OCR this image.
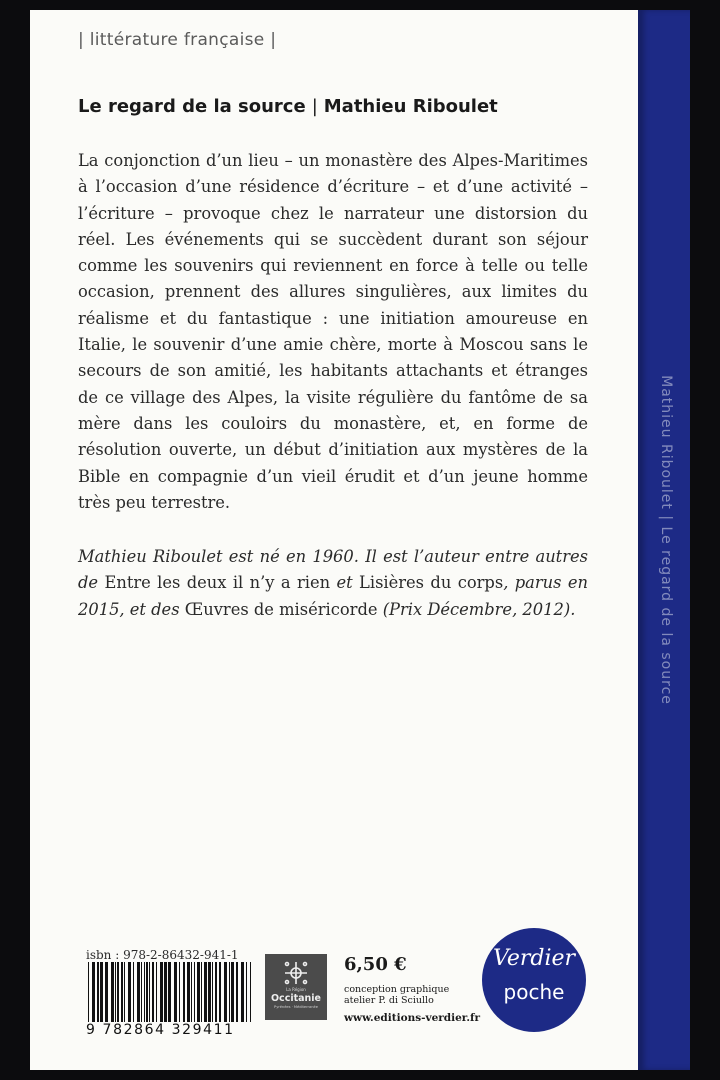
Mathieu Riboulet | Le regard de la source
| littérature française |
Le regard de la source | Mathieu Riboulet

La conjonction d’un lieu – un monastère des Alpes-Maritimes à l’occasion d’une résidence d’écriture – et d’une activité – l’écriture – provoque chez le narrateur une distorsion du réel. Les événements qui se succèdent durant son séjour comme les souvenirs qui reviennent en force à telle ou telle occasion, prennent des allures singulières, aux limites du réalisme et du fantastique : une initiation amoureuse en Italie, le souvenir d’une amie chère, morte à Moscou sans le secours de son amitié, les habitants attachants et étranges de ce village des Alpes, la visite régulière du fantôme de sa mère dans les couloirs du monastère, et, en forme de résolution ouverte, un début d’initiation aux mystères de la Bible en compagnie d’un vieil érudit et d’un jeune homme très peu terrestre.

Mathieu Riboulet est né en 1960. Il est l’auteur entre autres de Entre les deux il n’y a rien et Lisières du corps, parus en 2015, et des Œuvres de miséricorde (Prix Décembre, 2012).

isbn : 978-2-86432-941-1
9 782864 329411
La Région
Occitanie
Pyrénées · Méditerranée
6,50 €
conception graphique
atelier P. di Sciullo
www.editions-verdier.fr
Verdier
poche
